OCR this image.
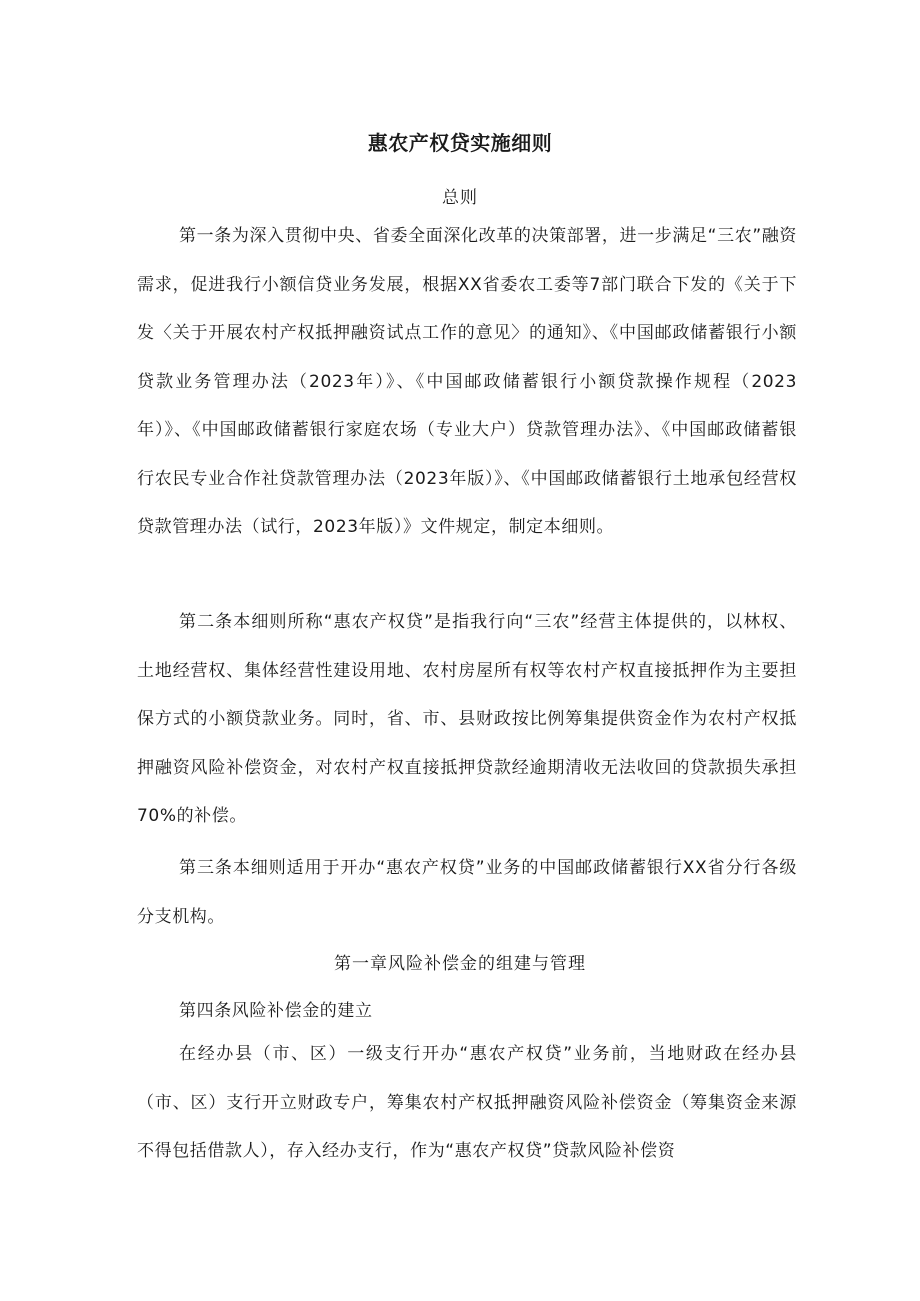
惠农产权贷实施细则
总则

第一条为深入贯彻中央、省委全面深化改革的决策部署，进一步满足“三农”融资需求，促进我行小额信贷业务发展，根据XX省委农工委等7部门联合下发的《关于下发〈关于开展农村产权抵押融资试点工作的意见〉的通知》、《中国邮政储蓄银行小额贷款业务管理办法（2023年）》、《中国邮政储蓄银行小额贷款操作规程（2023年）》、《中国邮政储蓄银行家庭农场（专业大户）贷款管理办法》、《中国邮政储蓄银行农民专业合作社贷款管理办法（2023年版）》、《中国邮政储蓄银行土地承包经营权贷款管理办法（试行，2023年版）》文件规定，制定本细则。

第二条本细则所称“惠农产权贷”是指我行向“三农”经营主体提供的，以林权、土地经营权、集体经营性建设用地、农村房屋所有权等农村产权直接抵押作为主要担保方式的小额贷款业务。同时，省、市、县财政按比例筹集提供资金作为农村产权抵押融资风险补偿资金，对农村产权直接抵押贷款经逾期清收无法收回的贷款损失承担70%的补偿。

第三条本细则适用于开办“惠农产权贷”业务的中国邮政储蓄银行XX省分行各级分支机构。

第一章风险补偿金的组建与管理
第四条风险补偿金的建立

在经办县（市、区）一级支行开办“惠农产权贷”业务前，当地财政在经办县（市、区）支行开立财政专户，筹集农村产权抵押融资风险补偿资金（筹集资金来源不得包括借款人），存入经办支行，作为“惠农产权贷”贷款风险补偿资
